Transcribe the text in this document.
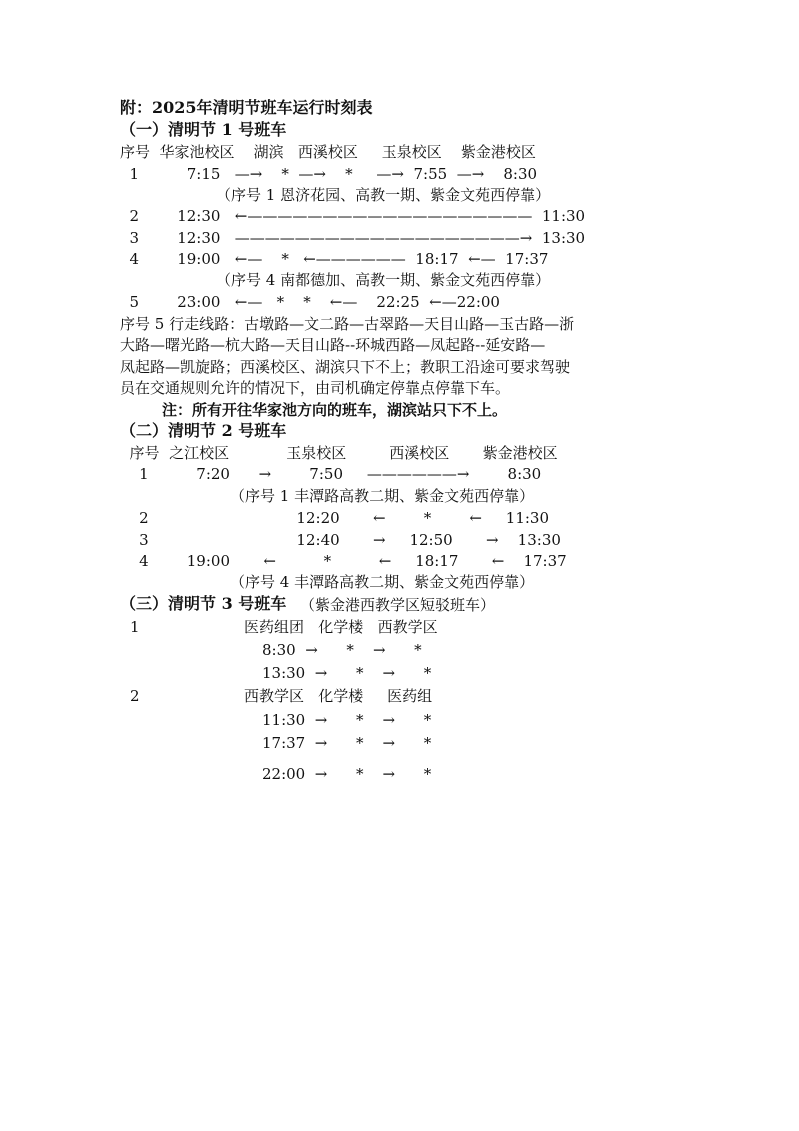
附：2025年清明节班车运行时刻表
（一）清明节 1 号班车
序号  华家池校区    湖滨   西溪校区     玉泉校区    紫金港校区
1          7:15   —→    *  —→    *     —→  7:55  —→    8:30
（序号 1 恩济花园、高教一期、紫金文苑西停靠）
2        12:30   ←———————————————————  11:30
3        12:30   ———————————————————→  13:30
4        19:00   ←—    *   ←——————  18:17  ←—  17:37
（序号 4 南都德加、高教一期、紫金文苑西停靠）
5        23:00   ←—   *    *    ←—    22:25  ←—22:00
序号 5 行走线路：古墩路—文二路—古翠路—天目山路—玉古路—浙
大路—曙光路—杭大路—天目山路--环城西路—凤起路--延安路—
凤起路—凯旋路；西溪校区、湖滨只下不上；教职工沿途可要求驾驶
员在交通规则允许的情况下，由司机确定停靠点停靠下车。
注：所有开往华家池方向的班车，湖滨站只下不上。
（二）清明节 2 号班车
序号  之江校区            玉泉校区         西溪校区       紫金港校区
1          7:20      →        7:50     ——————→        8:30
（序号 1 丰潭路高教二期、紫金文苑西停靠）
2                               12:20       ←        *        ←     11:30
3                               12:40       →     12:50       →    13:30
4        19:00       ←          *          ←     18:17       ←    17:37
（序号 4 丰潭路高教二期、紫金文苑西停靠）
（三）清明节 3 号班车 （紫金港西教学区短驳班车）
1	医药组团   化学楼   西教学区
8:30  →      *    →      *
13:30  →      *    →      *
2	西教学区   化学楼     医药组
11:30  →      *    →      *
17:37  →      *    →      *
22:00  →      *    →      *
